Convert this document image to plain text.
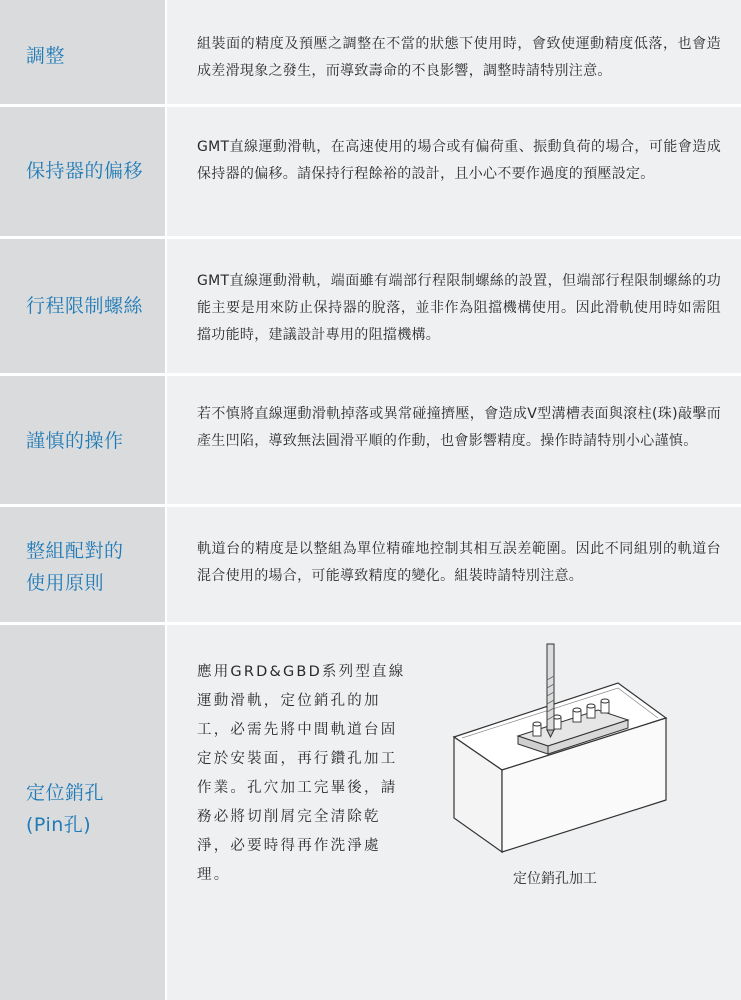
調整
組裝面的精度及預壓之調整在不當的狀態下使用時，會致使運動精度低落，也會造成差滑現象之發生，而導致壽命的不良影響，調整時請特別注意。
保持器的偏移
GMT直線運動滑軌，在高速使用的場合或有偏荷重、振動負荷的場合，可能會造成保持器的偏移。請保持行程餘裕的設計，且小心不要作過度的預壓設定。
行程限制螺絲
GMT直線運動滑軌，端面雖有端部行程限制螺絲的設置，但端部行程限制螺絲的功能主要是用來防止保持器的脫落，並非作為阻擋機構使用。因此滑軌使用時如需阻擋功能時，建議設計專用的阻擋機構。
謹慎的操作
若不慎將直線運動滑軌掉落或異常碰撞擠壓，會造成V型溝槽表面與滾柱(珠)敲擊而產生凹陷，導致無法圓滑平順的作動，也會影響精度。操作時請特別小心謹慎。
整組配對的
使用原則
軌道台的精度是以整組為單位精確地控制其相互誤差範圍。因此不同組別的軌道台混合使用的場合，可能導致精度的變化。組裝時請特別注意。
定位銷孔
(Pin孔)
應用GRD&GBD系列型直線運動滑軌，定位銷孔的加工，必需先將中間軌道台固定於安裝面，再行鑽孔加工作業。孔穴加工完畢後，請務必將切削屑完全清除乾淨，必要時得再作洗淨處理。	定位銷孔加工
